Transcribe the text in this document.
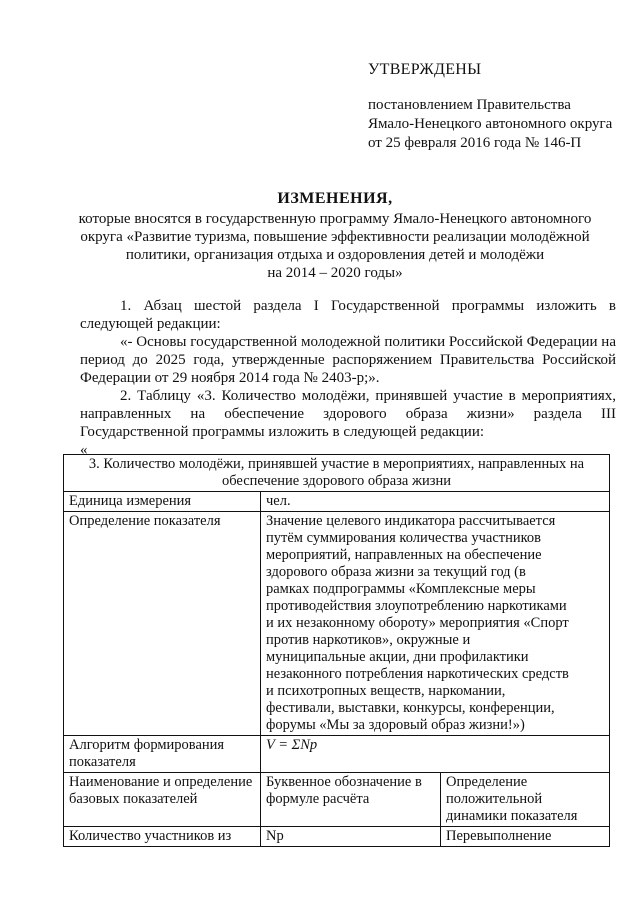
УТВЕРЖДЕНЫ
постановлением Правительства
Ямало-Ненецкого автономного округа
от 25 февраля 2016 года № 146-П
ИЗМЕНЕНИЯ,
которые вносятся в государственную программу Ямало-Ненецкого автономного
округа «Развитие туризма, повышение эффективности реализации молодёжной
политики, организация отдыха и оздоровления детей и молодёжи
на 2014 – 2020 годы»

1. Абзац шестой раздела I Государственной программы изложить в следующей редакции:

«- Основы государственной молодежной политики Российской Федерации на период до 2025 года, утвержденные распоряжением Правительства Российской Федерации от 29 ноября 2014 года № 2403-р;».

2. Таблицу «3. Количество молодёжи, принявшей участие в мероприятиях, направленных на обеспечение здорового образа жизни» раздела III Государственной программы изложить в следующей редакции:

«

3. Количество молодёжи, принявшей участие в мероприятиях, направленных на обеспечение здорового образа жизни		
Единица измерения	чел.	
Определение показателя	Значение целевого индикатора рассчитывается путём суммирования количества участников мероприятий, направленных на обеспечение здорового образа жизни за текущий год (в рамках подпрограммы «Комплексные меры противодействия злоупотреблению наркотиками и их незаконному обороту» мероприятия «Спорт против наркотиков», окружные и муниципальные акции, дни профилактики незаконного потребления наркотических средств и психотропных веществ, наркомании, фестивали, выставки, конкурсы, конференции, форумы «Мы за здоровый образ жизни!»)	
Алгоритм формирования показателя	V = ΣNp	
Наименование и определение базовых показателей	Буквенное обозначение в формуле расчёта	Определение положительной динамики показателя
Количество участников из	Np	Перевыполнение
